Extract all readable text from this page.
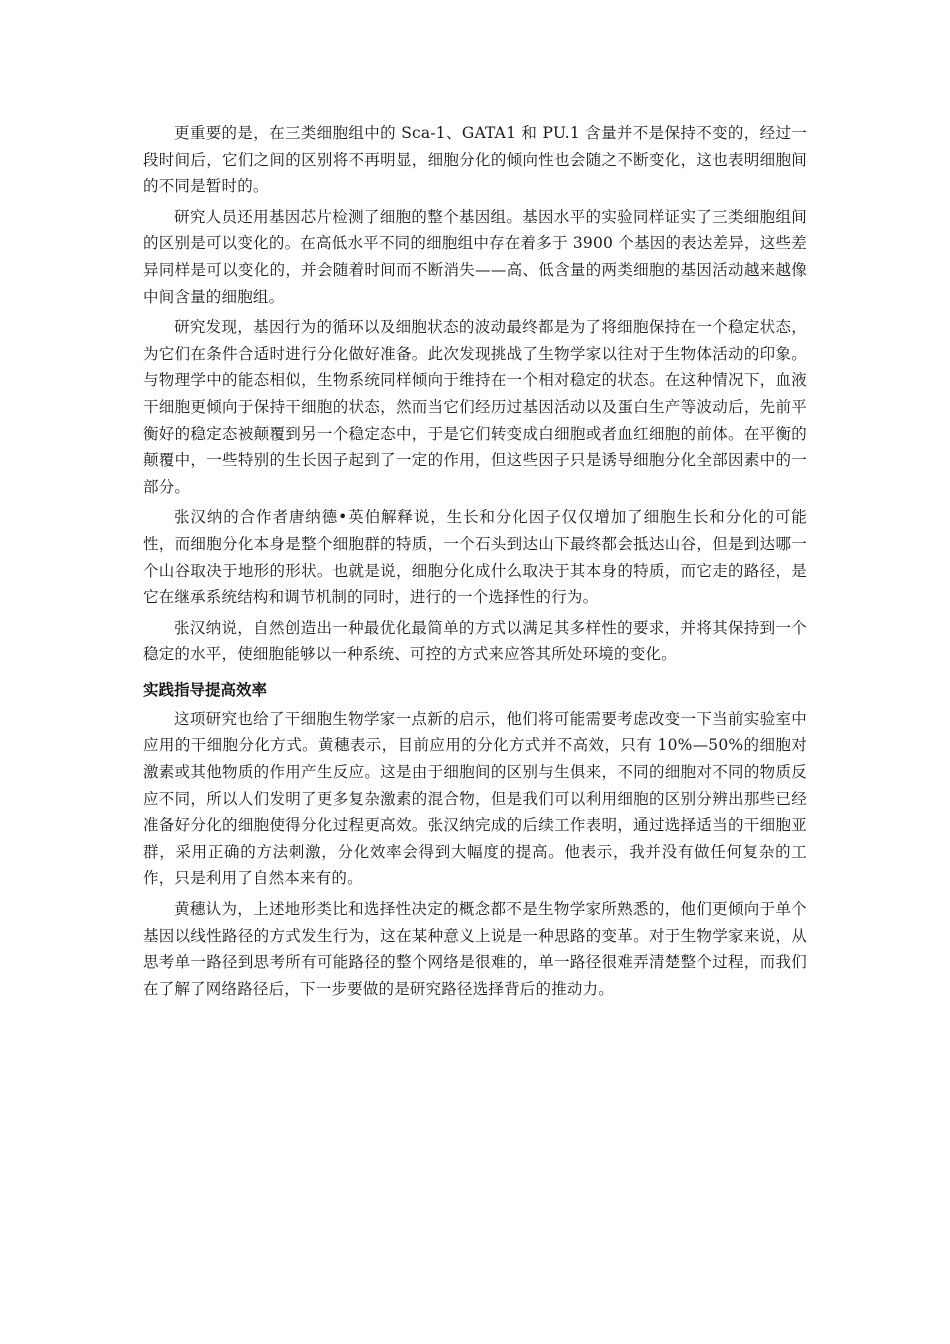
更重要的是，在三类细胞组中的 Sca-1、GATA1 和 PU.1 含量并不是保持不变的，经过一段时间后，它们之间的区别将不再明显，细胞分化的倾向性也会随之不断变化，这也表明细胞间的不同是暂时的。

研究人员还用基因芯片检测了细胞的整个基因组。基因水平的实验同样证实了三类细胞组间的区别是可以变化的。在高低水平不同的细胞组中存在着多于 3900 个基因的表达差异，这些差异同样是可以变化的，并会随着时间而不断消失——高、低含量的两类细胞的基因活动越来越像中间含量的细胞组。

研究发现，基因行为的循环以及细胞状态的波动最终都是为了将细胞保持在一个稳定状态，为它们在条件合适时进行分化做好准备。此次发现挑战了生物学家以往对于生物体活动的印象。与物理学中的能态相似，生物系统同样倾向于维持在一个相对稳定的状态。在这种情况下，血液干细胞更倾向于保持干细胞的状态，然而当它们经历过基因活动以及蛋白生产等波动后，先前平衡好的稳定态被颠覆到另一个稳定态中，于是它们转变成白细胞或者血红细胞的前体。在平衡的颠覆中，一些特别的生长因子起到了一定的作用，但这些因子只是诱导细胞分化全部因素中的一部分。

张汉纳的合作者唐纳德•英伯解释说，生长和分化因子仅仅增加了细胞生长和分化的可能性，而细胞分化本身是整个细胞群的特质，一个石头到达山下最终都会抵达山谷，但是到达哪一个山谷取决于地形的形状。也就是说，细胞分化成什么取决于其本身的特质，而它走的路径，是它在继承系统结构和调节机制的同时，进行的一个选择性的行为。

张汉纳说，自然创造出一种最优化最简单的方式以满足其多样性的要求，并将其保持到一个稳定的水平，使细胞能够以一种系统、可控的方式来应答其所处环境的变化。

实践指导提高效率

这项研究也给了干细胞生物学家一点新的启示，他们将可能需要考虑改变一下当前实验室中应用的干细胞分化方式。黄穗表示，目前应用的分化方式并不高效，只有 10%—50%的细胞对激素或其他物质的作用产生反应。这是由于细胞间的区别与生俱来，不同的细胞对不同的物质反应不同，所以人们发明了更多复杂激素的混合物，但是我们可以利用细胞的区别分辨出那些已经准备好分化的细胞使得分化过程更高效。张汉纳完成的后续工作表明，通过选择适当的干细胞亚群，采用正确的方法刺激，分化效率会得到大幅度的提高。他表示，我并没有做任何复杂的工作，只是利用了自然本来有的。

黄穗认为，上述地形类比和选择性决定的概念都不是生物学家所熟悉的，他们更倾向于单个基因以线性路径的方式发生行为，这在某种意义上说是一种思路的变革。对于生物学家来说，从思考单一路径到思考所有可能路径的整个网络是很难的，单一路径很难弄清楚整个过程，而我们在了解了网络路径后，下一步要做的是研究路径选择背后的推动力。
